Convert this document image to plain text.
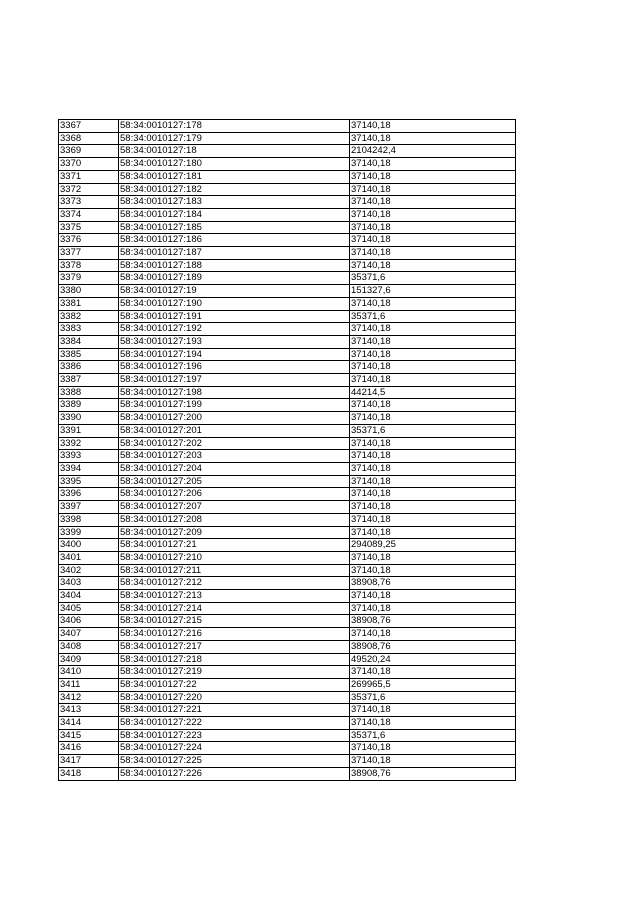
3367	58:34:0010127:178	37140,18
3368	58:34:0010127:179	37140,18
3369	58:34:0010127:18	2104242,4
3370	58:34:0010127:180	37140,18
3371	58:34:0010127:181	37140,18
3372	58:34:0010127:182	37140,18
3373	58:34:0010127:183	37140,18
3374	58:34:0010127:184	37140,18
3375	58:34:0010127:185	37140,18
3376	58:34:0010127:186	37140,18
3377	58:34:0010127:187	37140,18
3378	58:34:0010127:188	37140,18
3379	58:34:0010127:189	35371,6
3380	58:34:0010127:19	151327,6
3381	58:34:0010127:190	37140,18
3382	58:34:0010127:191	35371,6
3383	58:34:0010127:192	37140,18
3384	58:34:0010127:193	37140,18
3385	58:34:0010127:194	37140,18
3386	58:34:0010127:196	37140,18
3387	58:34:0010127:197	37140,18
3388	58:34:0010127:198	44214,5
3389	58:34:0010127:199	37140,18
3390	58:34:0010127:200	37140,18
3391	58:34:0010127:201	35371,6
3392	58:34:0010127:202	37140,18
3393	58:34:0010127:203	37140,18
3394	58:34:0010127:204	37140,18
3395	58:34:0010127:205	37140,18
3396	58:34:0010127:206	37140,18
3397	58:34:0010127:207	37140,18
3398	58:34:0010127:208	37140,18
3399	58:34:0010127:209	37140,18
3400	58:34:0010127:21	294089,25
3401	58:34:0010127:210	37140,18
3402	58:34:0010127:211	37140,18
3403	58:34:0010127:212	38908,76
3404	58:34:0010127:213	37140,18
3405	58:34:0010127:214	37140,18
3406	58:34:0010127:215	38908,76
3407	58:34:0010127:216	37140,18
3408	58:34:0010127:217	38908,76
3409	58:34:0010127:218	49520,24
3410	58:34:0010127:219	37140,18
3411	58:34:0010127:22	269965,5
3412	58:34:0010127:220	35371,6
3413	58:34:0010127:221	37140,18
3414	58:34:0010127:222	37140,18
3415	58:34:0010127:223	35371,6
3416	58:34:0010127:224	37140,18
3417	58:34:0010127:225	37140,18
3418	58:34:0010127:226	38908,76
